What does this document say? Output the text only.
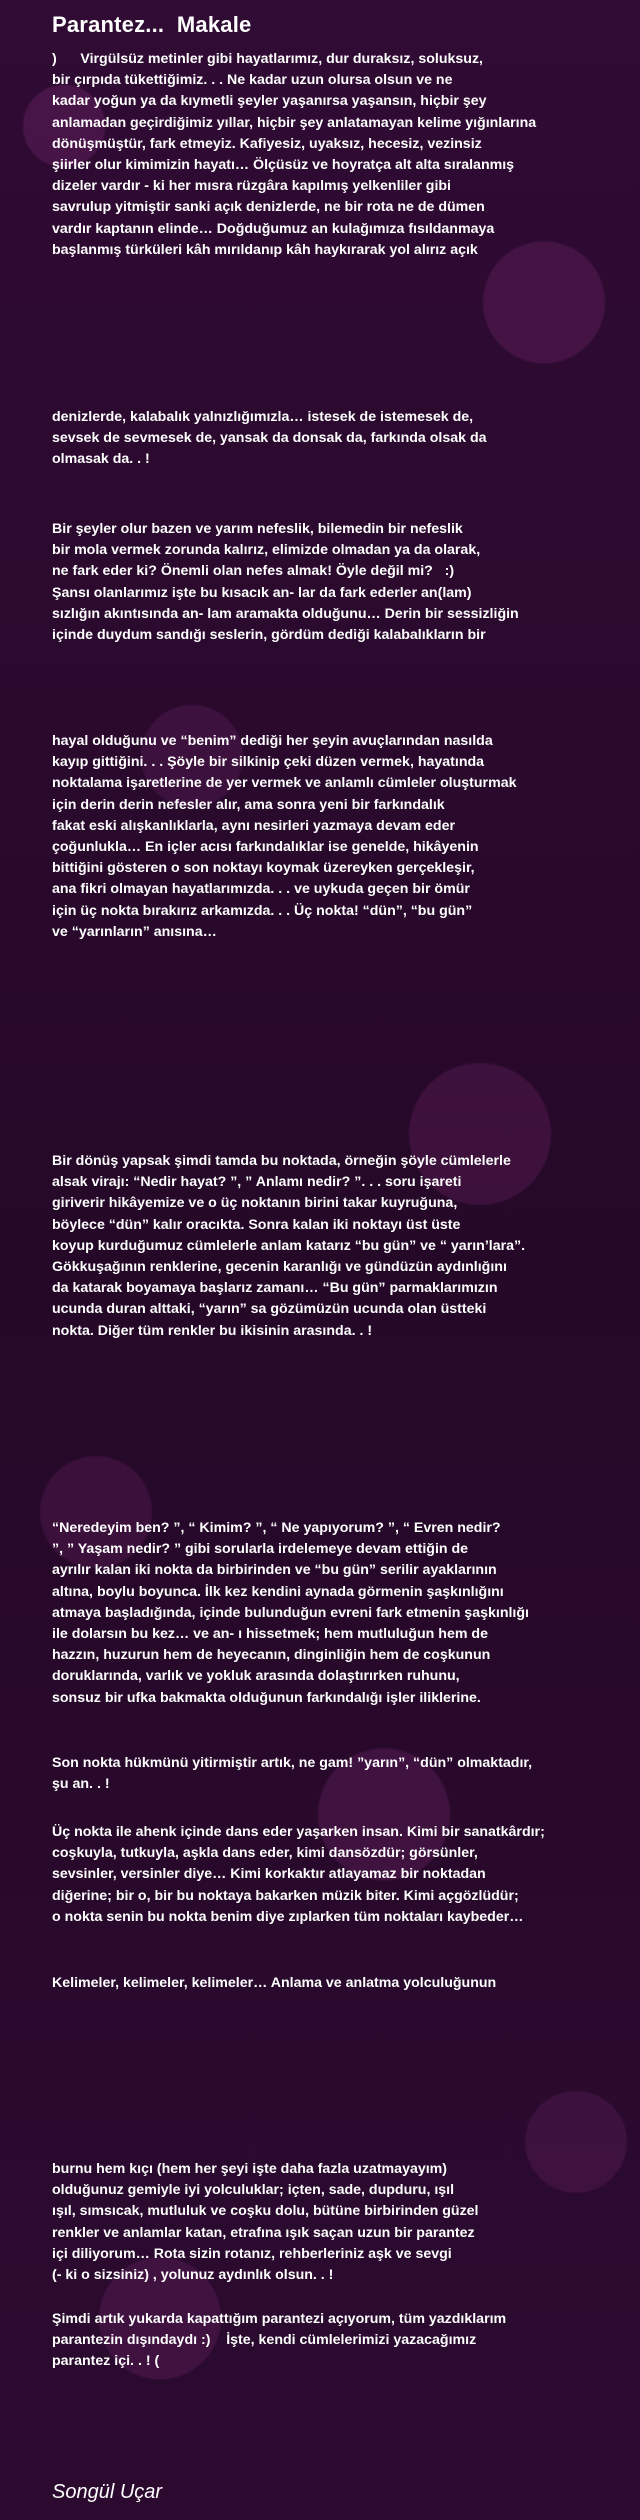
Parantez...  Makale
)      Virgülsüz metinler gibi hayatlarımız, dur duraksız, soluksuz,
bir çırpıda tükettiğimiz. . . Ne kadar uzun olursa olsun ve ne
kadar yoğun ya da kıymetli şeyler yaşanırsa yaşansın, hiçbir şey
anlamadan geçirdiğimiz yıllar, hiçbir şey anlatamayan kelime yığınlarına
dönüşmüştür, fark etmeyiz. Kafiyesiz, uyaksız, hecesiz, vezinsiz
şiirler olur kimimizin hayatı… Ölçüsüz ve hoyratça alt alta sıralanmış
dizeler vardır - ki her mısra rüzgâra kapılmış yelkenliler gibi
savrulup yitmiştir sanki açık denizlerde, ne bir rota ne de dümen
vardır kaptanın elinde… Doğduğumuz an kulağımıza fısıldanmaya
başlanmış türküleri kâh mırıldanıp kâh haykırarak yol alırız açık
denizlerde, kalabalık yalnızlığımızla… istesek de istemesek de,
sevsek de sevmesek de, yansak da donsak da, farkında olsak da
olmasak da. . !
Bir şeyler olur bazen ve yarım nefeslik, bilemedin bir nefeslik
bir mola vermek zorunda kalırız, elimizde olmadan ya da olarak,
ne fark eder ki? Önemli olan nefes almak! Öyle değil mi?   :)
Şansı olanlarımız işte bu kısacık an- lar da fark ederler an(lam)
sızlığın akıntısında an- lam aramakta olduğunu… Derin bir sessizliğin
içinde duydum sandığı seslerin, gördüm dediği kalabalıkların bir
hayal olduğunu ve “benim” dediği her şeyin avuçlarından nasılda
kayıp gittiğini. . . Şöyle bir silkinip çeki düzen vermek, hayatında
noktalama işaretlerine de yer vermek ve anlamlı cümleler oluşturmak
için derin derin nefesler alır, ama sonra yeni bir farkındalık
fakat eski alışkanlıklarla, aynı nesirleri yazmaya devam eder
çoğunlukla… En içler acısı farkındalıklar ise genelde, hikâyenin
bittiğini gösteren o son noktayı koymak üzereyken gerçekleşir,
ana fikri olmayan hayatlarımızda. . . ve uykuda geçen bir ömür
için üç nokta bırakırız arkamızda. . . Üç nokta! “dün”, “bu gün”
ve “yarınların” anısına…
Bir dönüş yapsak şimdi tamda bu noktada, örneğin şöyle cümlelerle
alsak virajı: “Nedir hayat? ”, ” Anlamı nedir? ”. . . soru işareti
giriverir hikâyemize ve o üç noktanın birini takar kuyruğuna,
böylece “dün” kalır oracıkta. Sonra kalan iki noktayı üst üste
koyup kurduğumuz cümlelerle anlam katarız “bu gün” ve “ yarın’lara”.
Gökkuşağının renklerine, gecenin karanlığı ve gündüzün aydınlığını
da katarak boyamaya başlarız zamanı… “Bu gün” parmaklarımızın
ucunda duran alttaki, “yarın” sa gözümüzün ucunda olan üstteki
nokta. Diğer tüm renkler bu ikisinin arasında. . !
“Neredeyim ben? ”, “ Kimim? ”, “ Ne yapıyorum? ”, “ Evren nedir?
”, ” Yaşam nedir? ” gibi sorularla irdelemeye devam ettiğin de
ayrılır kalan iki nokta da birbirinden ve “bu gün” serilir ayaklarının
altına, boylu boyunca. İlk kez kendini aynada görmenin şaşkınlığını
atmaya başladığında, içinde bulunduğun evreni fark etmenin şaşkınlığı
ile dolarsın bu kez… ve an- ı hissetmek; hem mutluluğun hem de
hazzın, huzurun hem de heyecanın, dinginliğin hem de coşkunun
doruklarında, varlık ve yokluk arasında dolaştırırken ruhunu,
sonsuz bir ufka bakmakta olduğunun farkındalığı işler iliklerine.
Son nokta hükmünü yitirmiştir artık, ne gam! ”yarın”, “dün” olmaktadır,
şu an. . !
Üç nokta ile ahenk içinde dans eder yaşarken insan. Kimi bir sanatkârdır;
coşkuyla, tutkuyla, aşkla dans eder, kimi dansözdür; görsünler,
sevsinler, versinler diye… Kimi korkaktır atlayamaz bir noktadan
diğerine; bir o, bir bu noktaya bakarken müzik biter. Kimi açgözlüdür;
o nokta senin bu nokta benim diye zıplarken tüm noktaları kaybeder…
Kelimeler, kelimeler, kelimeler… Anlama ve anlatma yolculuğunun
burnu hem kıçı (hem her şeyi işte daha fazla uzatmayayım)
olduğunuz gemiyle iyi yolculuklar; içten, sade, dupduru, ışıl
ışıl, sımsıcak, mutluluk ve coşku dolu, bütüne birbirinden güzel
renkler ve anlamlar katan, etrafına ışık saçan uzun bir parantez
içi diliyorum… Rota sizin rotanız, rehberleriniz aşk ve sevgi
(- ki o sizsiniz) , yolunuz aydınlık olsun. . !
Şimdi artık yukarda kapattığım parantezi açıyorum, tüm yazdıklarım
parantezin dışındaydı :)    İşte, kendi cümlelerimizi yazacağımız
parantez içi. . ! (

Songül Uçar
